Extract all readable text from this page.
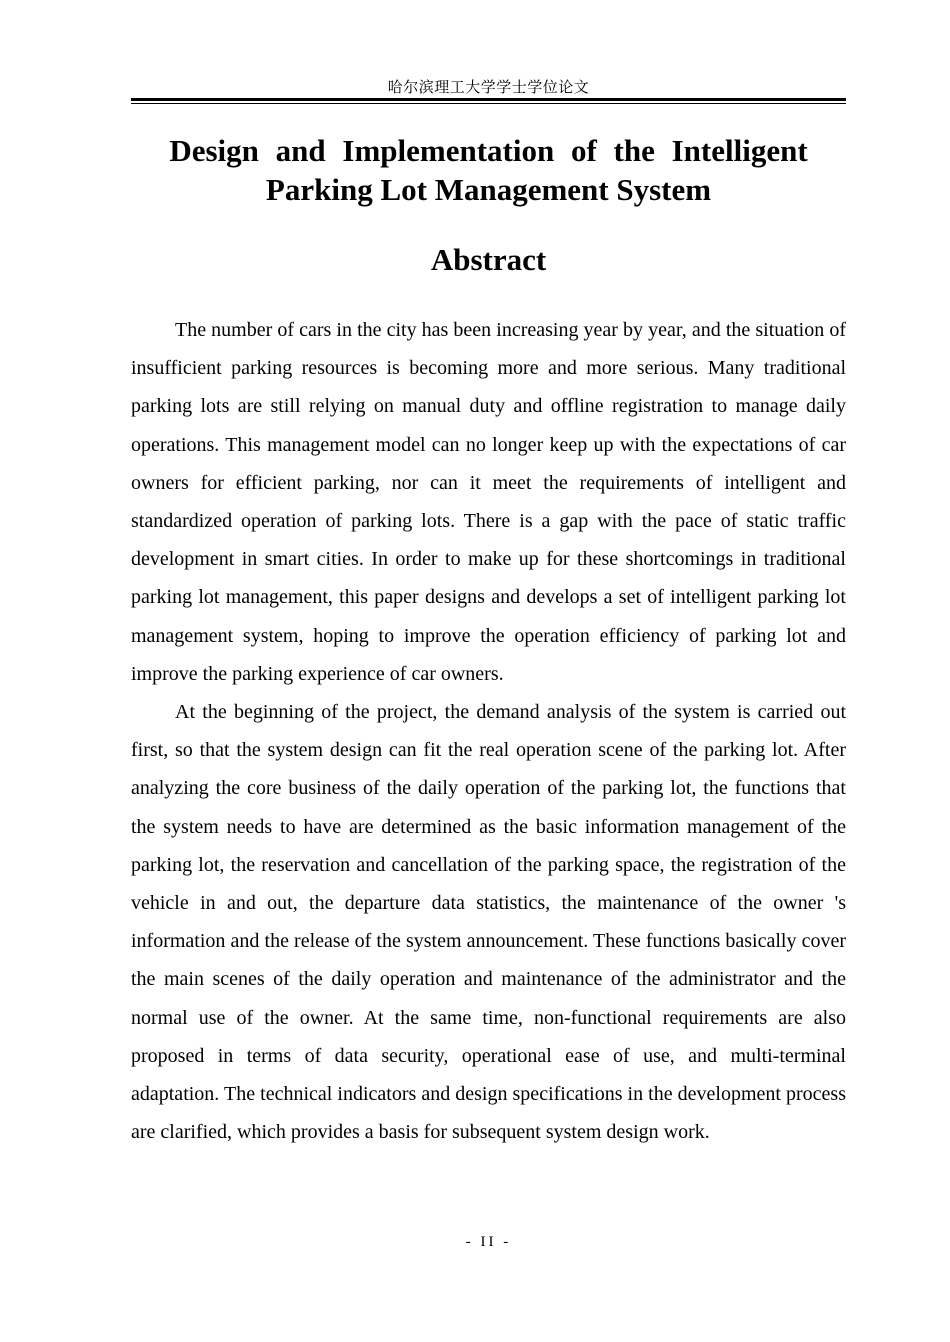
哈尔滨理工大学学士学位论文
Design and Implementation of the Intelligent
Parking Lot Management System
Abstract

The number of cars in the city has been increasing year by year, and the situation of insufficient parking resources is becoming more and more serious. Many traditional parking lots are still relying on manual duty and offline registration to manage daily operations. This management model can no longer keep up with the expectations of car owners for efficient parking, nor can it meet the requirements of intelligent and standardized operation of parking lots. There is a gap with the pace of static traffic development in smart cities. In order to make up for these shortcomings in traditional parking lot management, this paper designs and develops a set of intelligent parking lot management system, hoping to improve the operation efficiency of parking lot and improve the parking experience of car owners.

At the beginning of the project, the demand analysis of the system is carried out first, so that the system design can fit the real operation scene of the parking lot. After analyzing the core business of the daily operation of the parking lot, the functions that the system needs to have are determined as the basic information management of the parking lot, the reservation and cancellation of the parking space, the registration of the vehicle in and out, the departure data statistics, the maintenance of the owner 's information and the release of the system announcement. These functions basically cover the main scenes of the daily operation and maintenance of the administrator and the normal use of the owner. At the same time, non-functional requirements are also proposed in terms of data security, operational ease of use, and multi-terminal adaptation. The technical indicators and design specifications in the development process are clarified, which provides a basis for subsequent system design work.

- II -
